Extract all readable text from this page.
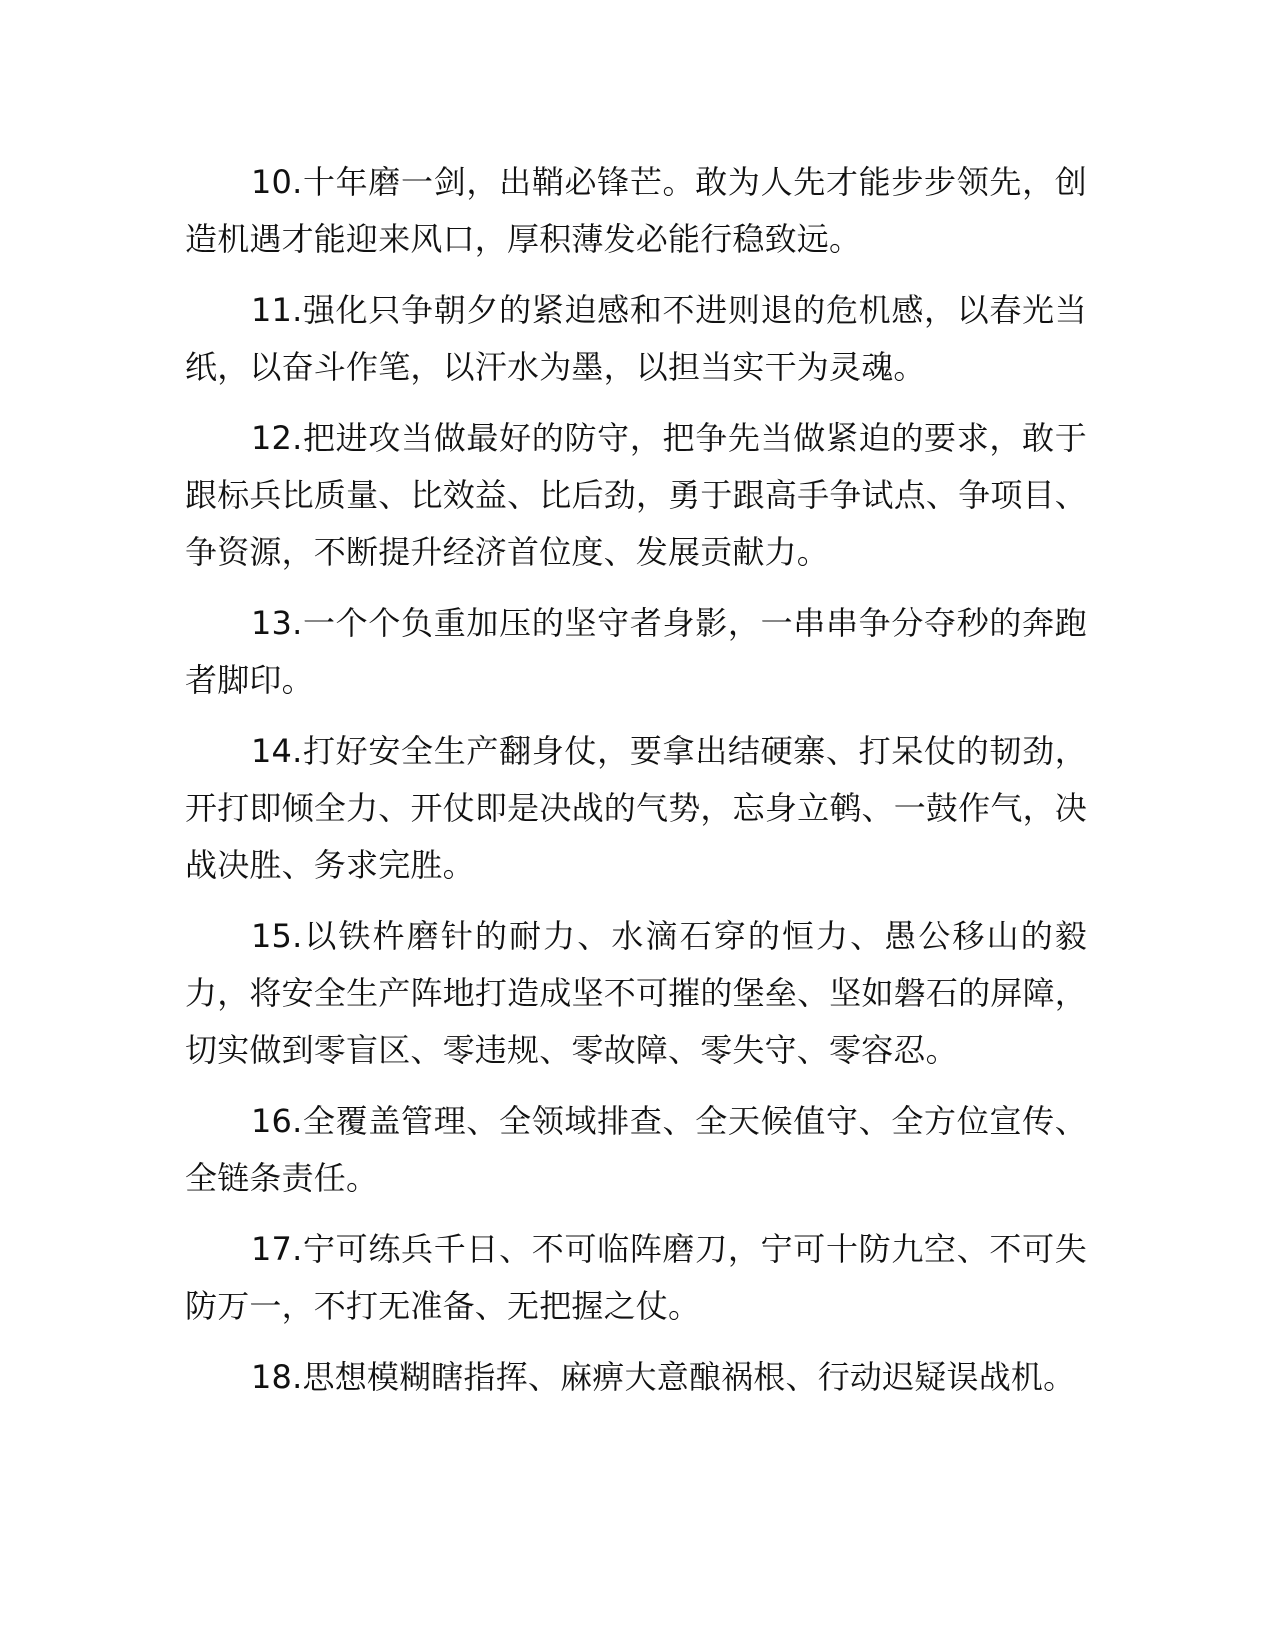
10.十年磨一剑，出鞘必锋芒。敢为人先才能步步领先，创造机遇才能迎来风口，厚积薄发必能行稳致远。

11.强化只争朝夕的紧迫感和不进则退的危机感，以春光当纸，以奋斗作笔，以汗水为墨，以担当实干为灵魂。

12.把进攻当做最好的防守，把争先当做紧迫的要求，敢于跟标兵比质量、比效益、比后劲，勇于跟高手争试点、争项目、争资源，不断提升经济首位度、发展贡献力。

13.一个个负重加压的坚守者身影，一串串争分夺秒的奔跑者脚印。

14.打好安全生产翻身仗，要拿出结硬寨、打呆仗的韧劲，开打即倾全力、开仗即是决战的气势，忘身立鹌、一鼓作气，决战决胜、务求完胜。

15.以铁杵磨针的耐力、水滴石穿的恒力、愚公移山的毅力，将安全生产阵地打造成坚不可摧的堡垒、坚如磐石的屏障，切实做到零盲区、零违规、零故障、零失守、零容忍。

16.全覆盖管理、全领域排查、全天候值守、全方位宣传、全链条责任。

17.宁可练兵千日、不可临阵磨刀，宁可十防九空、不可失防万一，不打无准备、无把握之仗。

18.思想模糊瞎指挥、麻痹大意酿祸根、行动迟疑误战机。
